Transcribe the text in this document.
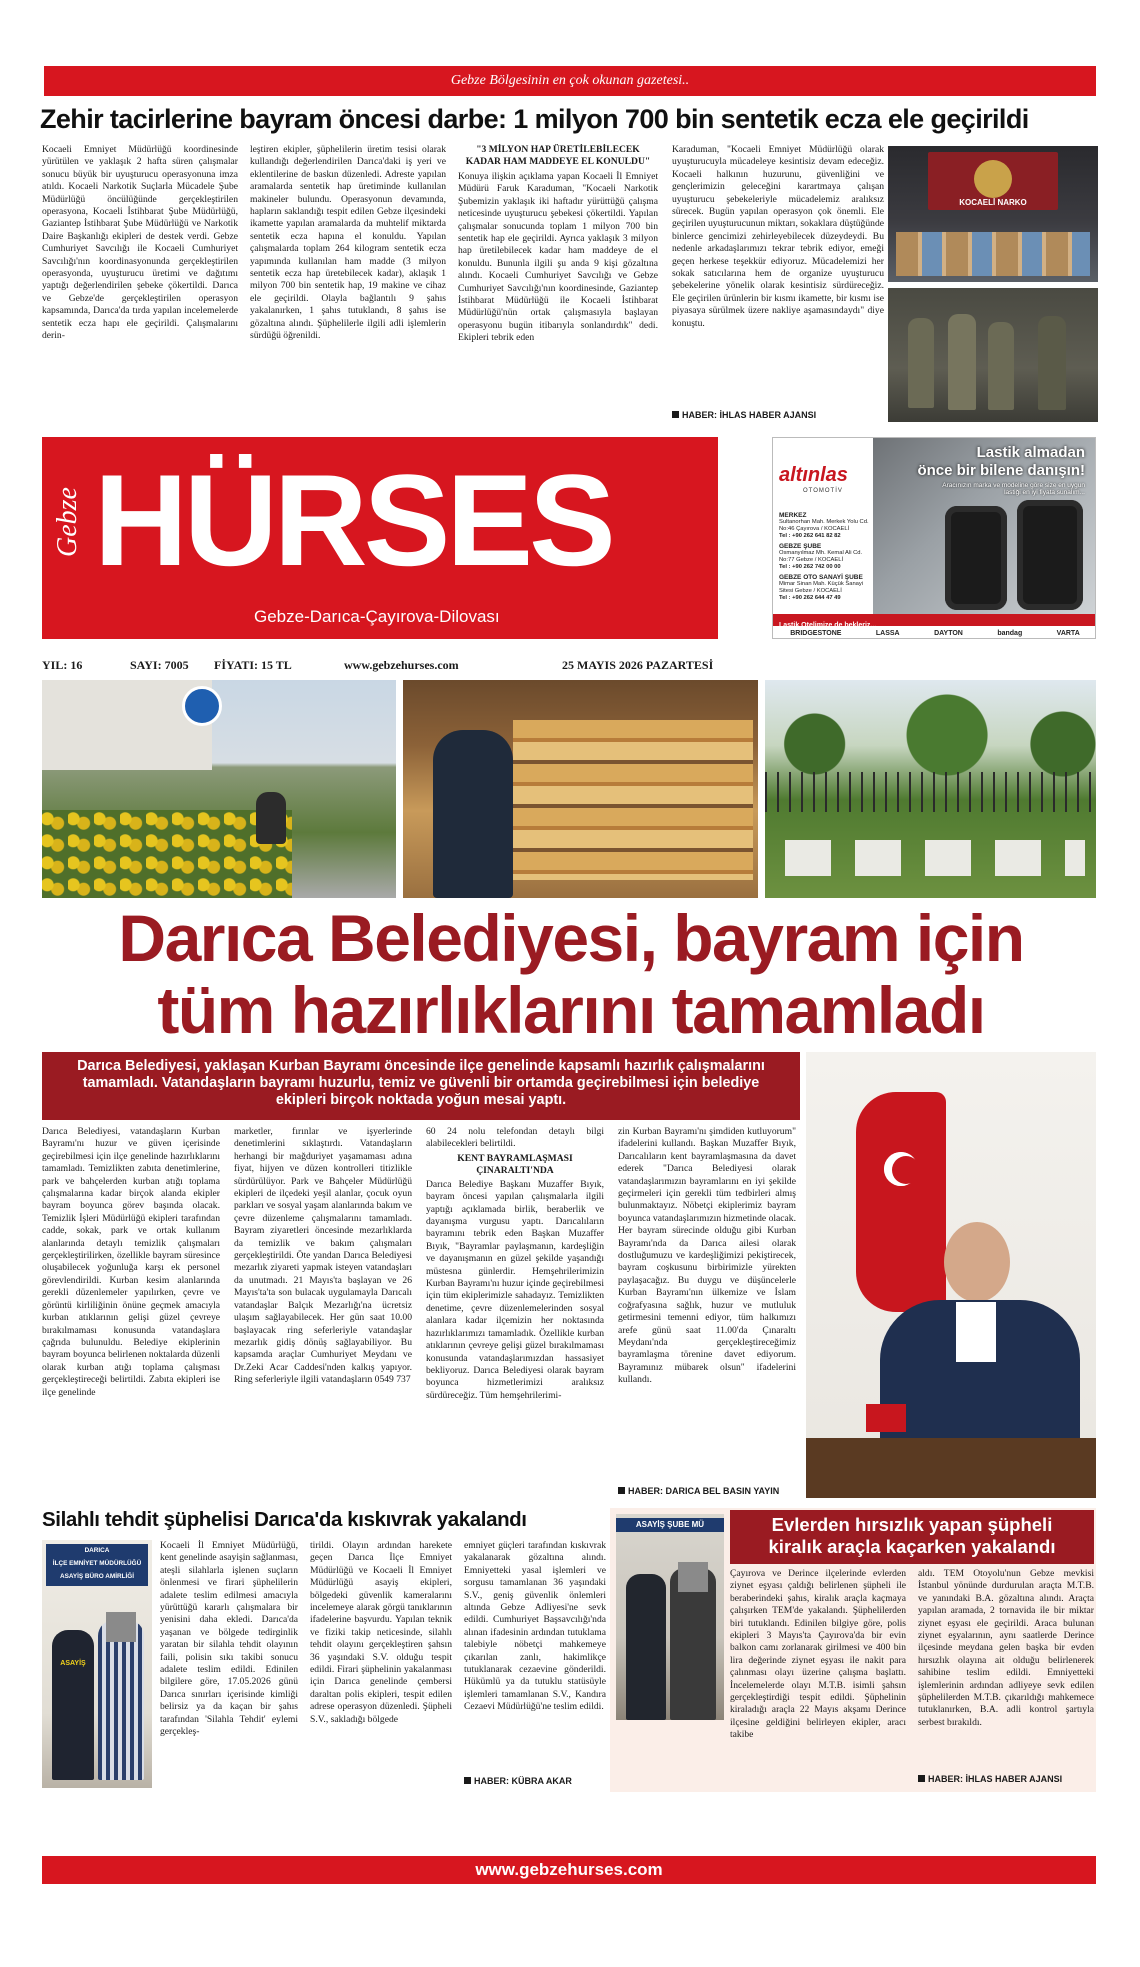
Gebze Bölgesinin en çok okunan gazetesi..
Zehir tacirlerine bayram öncesi darbe: 1 milyon 700 bin sentetik ecza ele geçirildi
Kocaeli Emniyet Müdürlüğü koordinesinde yürütülen ve yaklaşık 2 hafta süren çalışmalar sonucu büyük bir uyuşturucu operasyonuna imza atıldı. Kocaeli Narkotik Suçlarla Mücadele Şube Müdürlüğü öncülüğünde gerçekleştirilen operasyona, Kocaeli İstihbarat Şube Müdürlüğü, Gaziantep İstihbarat Şube Müdürlüğü ve Narkotik Daire Başkanlığı ekipleri de destek verdi. Gebze Cumhuriyet Savcılığı ile Kocaeli Cumhuriyet Savcılığı'nın koordinasyonunda gerçekleştirilen operasyonda, uyuşturucu üretimi ve dağıtımı yaptığı değerlendirilen şebeke çökertildi. Darıca ve Gebze'de gerçekleştirilen operasyon kapsamında, Darıca'da tırda yapılan incelemelerde sentetik ecza hapı ele geçirildi. Çalışmalarını derin-
leştiren ekipler, şüphelilerin üretim tesisi olarak kullandığı değerlendirilen Darıca'daki iş yeri ve eklentilerine de baskın düzenledi. Adreste yapılan aramalarda sentetik hap üretiminde kullanılan makineler bulundu. Operasyonun devamında, hapların saklandığı tespit edilen Gebze ilçesindeki ikamette yapılan aramalarda da muhtelif miktarda sentetik ecza hapına el konuldu. Yapılan çalışmalarda toplam 264 kilogram sentetik ecza yapımında kullanılan ham madde (3 milyon sentetik ecza hap üretebilecek kadar), aklaşık 1 milyon 700 bin sentetik hap, 19 makine ve cihaz ele geçirildi. Olayla bağlantılı 9 şahıs yakalanırken, 1 şahıs tutuklandı, 8 şahıs ise gözaltına alındı. Şüphelilerle ilgili adli işlemlerin sürdüğü öğrenildi.
"3 MİLYON HAP ÜRETİLEBİLECEK KADAR HAM MADDEYE EL KONULDU"
Konuya ilişkin açıklama yapan Kocaeli İl Emniyet Müdürü Faruk Karaduman, "Kocaeli Narkotik Şubemizin yaklaşık iki haftadır yürüttüğü çalışma neticesinde uyuşturucu şebekesi çökertildi. Yapılan çalışmalar sonucunda toplam 1 milyon 700 bin sentetik hap ele geçirildi. Ayrıca yaklaşık 3 milyon hap üretilebilecek kadar ham maddeye de el konuldu. Bununla ilgili şu anda 9 kişi gözaltına alındı. Kocaeli Cumhuriyet Savcılığı ve Gebze Cumhuriyet Savcılığı'nın koordinesinde, Gaziantep İstihbarat Müdürlüğü ile Kocaeli İstihbarat Müdürlüğü'nün ortak çalışmasıyla başlayan operasyonu bugün itibarıyla sonlandırdık" dedi. Ekipleri tebrik eden
Karaduman, "Kocaeli Emniyet Müdürlüğü olarak uyuşturucuyla mücadeleye kesintisiz devam edeceğiz. Kocaeli halkının huzurunu, güvenliğini ve gençlerimizin geleceğini karartmaya çalışan uyuşturucu şebekeleriyle mücadelemiz aralıksız sürecek. Bugün yapılan operasyon çok önemli. Ele geçirilen uyuşturucunun miktarı, sokaklara düştüğünde binlerce gencimizi zehirleyebilecek düzeydeydi. Bu nedenle arkadaşlarımızı tekrar tebrik ediyor, emeği geçen herkese teşekkür ediyoruz. Mücadelemizi her sokak satıcılarına hem de organize uyuşturucu şebekelerine yönelik olarak kesintisiz sürdüreceğiz. Ele geçirilen ürünlerin bir kısmı ikamette, bir kısmı ise piyasaya sürülmek üzere nakliye aşamasındaydı" diye konuştu.
HABER: İHLAS HABER AJANSI
KOCAELİ NARKO
Gebze HÜRSES
Gebze-Darıca-Çayırova-Dilovası
Lastik almadan
önce bir bilene danışın!
Aracınızın marka ve modeline göre size en uygun lastiği en iyi fiyata sunalım...
altınlas
OTOMOTİV
MERKEZ
Sultanorhan Mah. Merkek Yolu Cd. No:46 Çayırova / KOCAELİ
Tel : +90 262 641 82 82
GEBZE ŞUBE
Osmanyılmaz Mh. Kemal Ali Cd. No:77 Gebze / KOCAELİ
Tel : +90 262 742 00 00
GEBZE OTO SANAYİ ŞUBE
Mimar Sinan Mah. Küçük Sanayi Sitesi Gebze / KOCAELİ
Tel : +90 262 644 47 49
Lastik Otelimize de bekleriz...
BRIDGESTONE	LASSA	DAYTON	bandag	VARTA
YIL: 16	SAYI: 7005 FİYATI: 15 TL	www.gebzehurses.com	25 MAYIS 2026 PAZARTESİ
Darıca Belediyesi, bayram için
tüm hazırlıklarını tamamladı
Darıca Belediyesi, yaklaşan Kurban Bayramı öncesinde ilçe genelinde kapsamlı hazırlık çalışmalarını tamamladı. Vatandaşların bayramı huzurlu, temiz ve güvenli bir ortamda geçirebilmesi için belediye ekipleri birçok noktada yoğun mesai yaptı.
Darıca Belediyesi, vatandaşların Kurban Bayramı'nı huzur ve güven içerisinde geçirebilmesi için ilçe genelinde hazırlıklarını tamamladı. Temizlikten zabıta denetimlerine, park ve bahçelerden kurban atığı toplama çalışmalarına kadar birçok alanda ekipler bayram boyunca görev başında olacak. Temizlik İşleri Müdürlüğü ekipleri tarafından cadde, sokak, park ve ortak kullanım alanlarında detaylı temizlik çalışmaları gerçekleştirilirken, özellikle bayram süresince oluşabilecek yoğunluğa karşı ek personel görevlendirildi. Kurban kesim alanlarında gerekli düzenlemeler yapılırken, çevre ve görüntü kirliliğinin önüne geçmek amacıyla kurban atıklarının gelişi güzel çevreye bırakılmaması konusunda vatandaşlara çağrıda bulunuldu. Belediye ekiplerinin bayram boyunca belirlenen noktalarda düzenli olarak kurban atığı toplama çalışması gerçekleştireceği belirtildi. Zabıta ekipleri ise ilçe genelinde
marketler, fırınlar ve işyerlerinde denetimlerini sıklaştırdı. Vatandaşların herhangi bir mağduriyet yaşamaması adına fiyat, hijyen ve düzen kontrolleri titizlikle sürdürülüyor. Park ve Bahçeler Müdürlüğü ekipleri de ilçedeki yeşil alanlar, çocuk oyun parkları ve sosyal yaşam alanlarında bakım ve çevre düzenleme çalışmalarını tamamladı. Bayram ziyaretleri öncesinde mezarlıklarda da temizlik ve bakım çalışmaları gerçekleştirildi. Öte yandan Darıca Belediyesi mezarlık ziyareti yapmak isteyen vatandaşları da unutmadı. 21 Mayıs'ta başlayan ve 26 Mayıs'ta'ta son bulacak uygulamayla Darıcalı vatandaşlar Balçık Mezarlığı'na ücretsiz ulaşım sağlayabilecek. Her gün saat 10.00 başlayacak ring seferleriyle vatandaşlar mezarlık gidiş dönüş sağlayabiliyor. Bu kapsamda araçlar Cumhuriyet Meydanı ve Dr.Zeki Acar Caddesi'nden kalkış yapıyor. Ring seferleriyle ilgili vatandaşların 0549 737
60 24 nolu telefondan detaylı bilgi alabilecekleri belirtildi.
KENT BAYRAMLAŞMASI ÇINARALTI'NDA
Darıca Belediye Başkanı Muzaffer Bıyık, bayram öncesi yapılan çalışmalarla ilgili yaptığı açıklamada birlik, beraberlik ve dayanışma vurgusu yaptı. Darıcalıların bayramını tebrik eden Başkan Muzaffer Bıyık, "Bayramlar paylaşmanın, kardeşliğin ve dayanışmanın en güzel şekilde yaşandığı müstesna günlerdir. Hemşehrilerimizin Kurban Bayramı'nı huzur içinde geçirebilmesi için tüm ekiplerimizle sahadayız. Temizlikten denetime, çevre düzenlemelerinden sosyal alanlara kadar ilçemizin her noktasında hazırlıklarımızı tamamladık. Özellikle kurban atıklarının çevreye gelişi güzel bırakılmaması konusunda vatandaşlarımızdan hassasiyet bekliyoruz. Darıca Belediyesi olarak bayram boyunca hizmetlerimizi aralıksız sürdüreceğiz. Tüm hemşehrilerimi-
zin Kurban Bayramı'nı şimdiden kutluyorum" ifadelerini kullandı. Başkan Muzaffer Bıyık, Darıcalıların kent bayramlaşmasına da davet ederek "Darıca Belediyesi olarak vatandaşlarımızın bayramlarını en iyi şekilde geçirmeleri için gerekli tüm tedbirleri almış bulunmaktayız. Nöbetçi ekiplerimiz bayram boyunca vatandaşlarımızın hizmetinde olacak. Her bayram sürecinde olduğu gibi Kurban Bayramı'nda da Darıca ailesi olarak dostluğumuzu ve kardeşliğimizi pekiştirecek, bayram coşkusunu birbirimizle yürekten paylaşacağız. Bu duygu ve düşüncelerle Kurban Bayramı'nın ülkemize ve İslam coğrafyasına sağlık, huzur ve mutluluk getirmesini temenni ediyor, tüm halkımızı arefe günü saat 11.00'da Çınaraltı Meydanı'nda gerçekleştireceğimiz bayramlaşma törenine davet ediyorum. Bayramınız mübarek olsun" ifadelerini kullandı.
HABER: DARICA BEL BASIN YAYIN
Silahlı tehdit şüphelisi Darıca'da kıskıvrak yakalandı
DARICA
İLÇE EMNİYET MÜDÜRLÜĞÜ
ASAYİŞ BÜRO AMİRLİĞİ
ASAYİŞ
Kocaeli İl Emniyet Müdürlüğü, kent genelinde asayişin sağlanması, ateşli silahlarla işlenen suçların önlenmesi ve firari şüphelilerin adalete teslim edilmesi amacıyla yürüttüğü kararlı çalışmalara bir yenisini daha ekledi. Darıca'da yaşanan ve bölgede tedirginlik yaratan bir silahla tehdit olayının faili, polisin sıkı takibi sonucu adalete teslim edildi. Edinilen bilgilere göre, 17.05.2026 günü Darıca sınırları içerisinde kimliği belirsiz ya da kaçan bir şahıs tarafından 'Silahla Tehdit' eylemi gerçekleş-
tirildi. Olayın ardından harekete geçen Darıca İlçe Emniyet Müdürlüğü ve Kocaeli İl Emniyet Müdürlüğü asayiş ekipleri, bölgedeki güvenlik kameralarını incelemeye alarak görgü tanıklarının ifadelerine başvurdu. Yapılan teknik ve fiziki takip neticesinde, silahlı tehdit olayını gerçekleştiren şahsın 36 yaşındaki S.V. olduğu tespit edildi. Firari şüphelinin yakalanması için Darıca genelinde çembersi daraltan polis ekipleri, tespit edilen adrese operasyon düzenledi. Şüpheli S.V., sakladığı bölgede
emniyet güçleri tarafından kıskıvrak yakalanarak gözaltına alındı. Emniyetteki yasal işlemleri ve sorgusu tamamlanan 36 yaşındaki S.V., geniş güvenlik önlemleri altında Gebze Adliyesi'ne sevk edildi. Cumhuriyet Başsavcılığı'nda alınan ifadesinin ardından tutuklama talebiyle nöbetçi mahkemeye çıkarılan zanlı, hakimlikçe tutuklanarak cezaevine gönderildi. Hükümlü ya da tutuklu statüsüyle işlemleri tamamlanan S.V., Kandıra Cezaevi Müdürlüğü'ne teslim edildi.
HABER: KÜBRA AKAR
ASAYİŞ ŞUBE MÜ	Evlerden hırsızlık yapan şüpheli
kiralık araçla kaçarken yakalandı
Çayırova ve Derince ilçelerinde evlerden ziynet eşyası çaldığı belirlenen şüpheli ile beraberindeki şahıs, kiralık araçla kaçmaya çalışırken TEM'de yakalandı. Şüphelilerden biri tutuklandı. Edinilen bilgiye göre, polis ekipleri 3 Mayıs'ta Çayırova'da bir evin balkon camı zorlanarak girilmesi ve 400 bin lira değerinde ziynet eşyası ile nakit para çalınması olayı üzerine çalışma başlattı. İncelemelerde olayı M.T.B. isimli şahsın gerçekleştirdiği tespit edildi. Şüphelinin kiraladığı araçla 22 Mayıs akşamı Derince ilçesine geldiğini belirleyen ekipler, aracı takibe
aldı. TEM Otoyolu'nun Gebze mevkisi İstanbul yönünde durdurulan araçta M.T.B. ve yanındaki B.A. gözaltına alındı. Araçta yapılan aramada, 2 tornavida ile bir miktar ziynet eşyası ele geçirildi. Araca bulunan ziynet eşyalarının, aynı saatlerde Derince ilçesinde meydana gelen başka bir evden hırsızlık olayına ait olduğu belirlenerek sahibine teslim edildi. Emniyetteki işlemlerinin ardından adliyeye sevk edilen şüphelilerden M.T.B. çıkarıldığı mahkemece tutuklanırken, B.A. adli kontrol şartıyla serbest bırakıldı.
HABER: İHLAS HABER AJANSI
www.gebzehurses.com
